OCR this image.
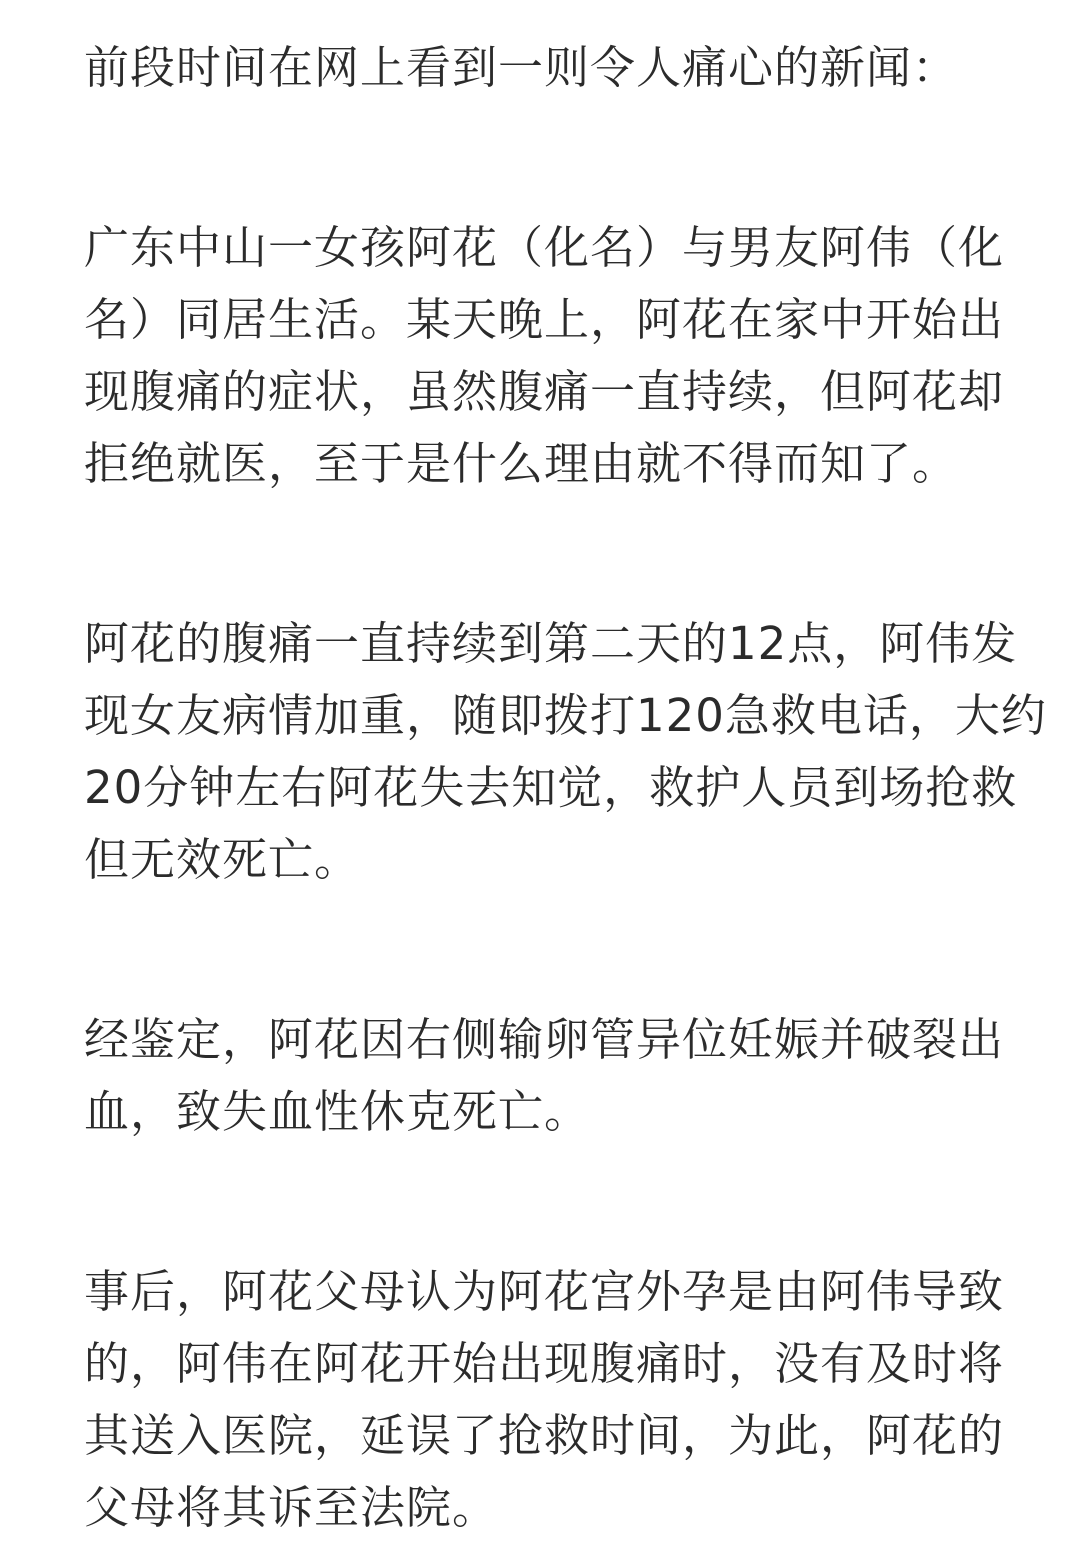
前段时间在网上看到一则令人痛心的新闻：

广东中山一女孩阿花（化名）与男友阿伟（化
名）同居生活。某天晚上，阿花在家中开始出
现腹痛的症状，虽然腹痛一直持续，但阿花却
拒绝就医，至于是什么理由就不得而知了。

阿花的腹痛一直持续到第二天的12点，阿伟发
现女友病情加重，随即拨打120急救电话，大约
20分钟左右阿花失去知觉，救护人员到场抢救
但无效死亡。

经鉴定，阿花因右侧输卵管异位妊娠并破裂出
血，致失血性休克死亡。

事后，阿花父母认为阿花宫外孕是由阿伟导致
的，阿伟在阿花开始出现腹痛时，没有及时将
其送入医院，延误了抢救时间，为此，阿花的
父母将其诉至法院。
